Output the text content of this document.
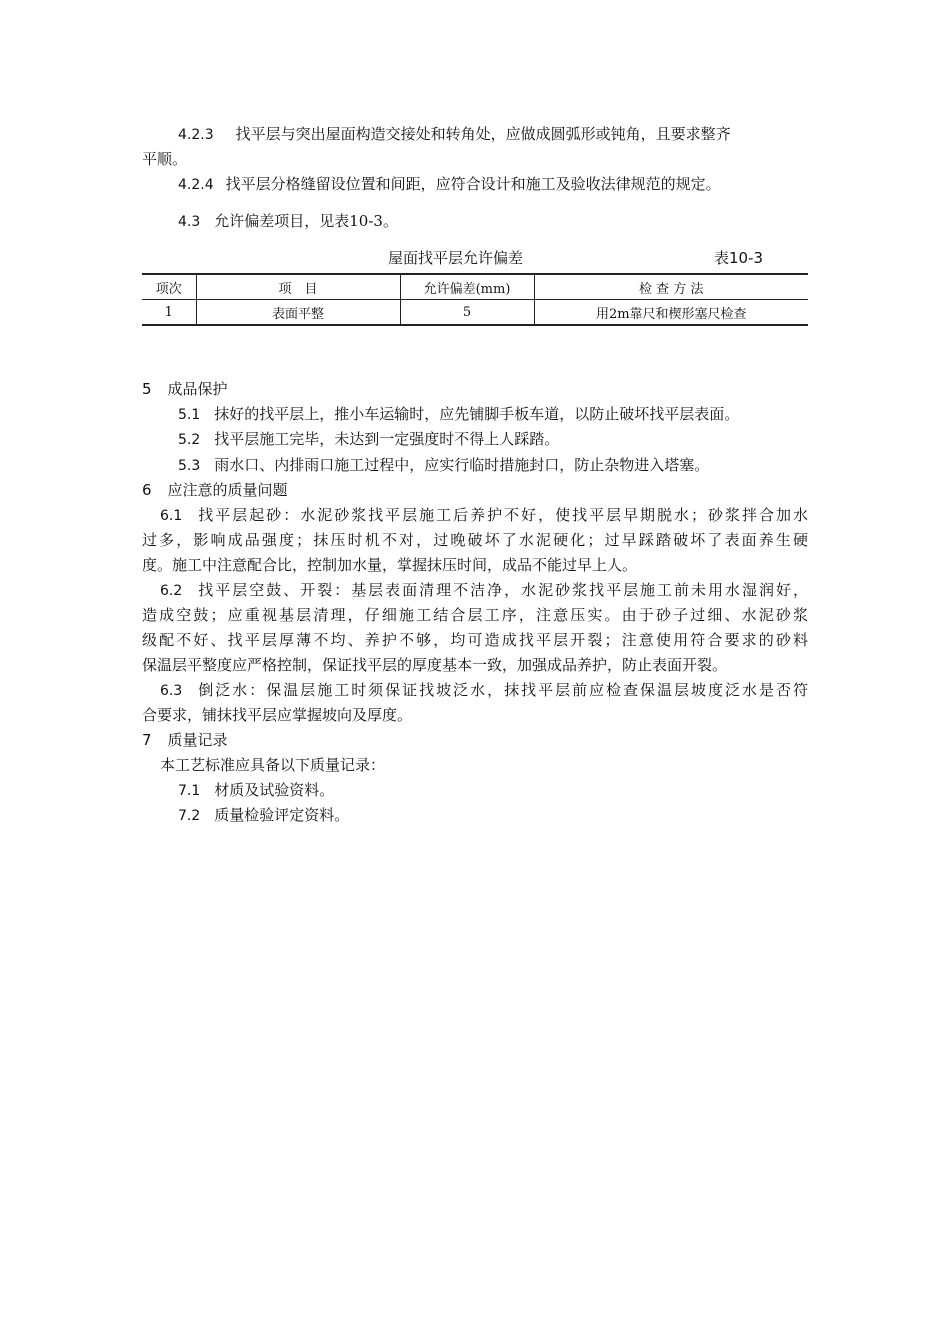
4.2.3 找平层与突出屋面构造交接处和转角处，应做成圆弧形或钝角，且要求整齐
平顺。
4.2.4 找平层分格缝留设位置和间距，应符合设计和施工及验收法律规范的规定。
4.3 允许偏差项目，见表10-3。
屋面找平层允许偏差	表10-3
项次	项　目	允许偏差(mm)	检 查 方 法
1	表面平整	5	用2m靠尺和楔形塞尺检查
5 成品保护
5.1 抹好的找平层上，推小车运输时，应先铺脚手板车道，以防止破坏找平层表面。
5.2 找平层施工完毕，未达到一定强度时不得上人踩踏。
5.3 雨水口、内排雨口施工过程中，应实行临时措施封口，防止杂物进入塔塞。
6 应注意的质量问题
6.1 找平层起砂：水泥砂浆找平层施工后养护不好，使找平层早期脱水；砂浆拌合加水
过多，影响成品强度；抹压时机不对，过晚破坏了水泥硬化；过早踩踏破坏了表面养生硬
度。施工中注意配合比，控制加水量，掌握抹压时间，成品不能过早上人。
6.2 找平层空鼓、开裂：基层表面清理不洁净，水泥砂浆找平层施工前未用水湿润好，
造成空鼓；应重视基层清理，仔细施工结合层工序，注意压实。由于砂子过细、水泥砂浆
级配不好、找平层厚薄不均、养护不够，均可造成找平层开裂；注意使用符合要求的砂料
保温层平整度应严格控制，保证找平层的厚度基本一致，加强成品养护，防止表面开裂。
6.3 倒泛水：保温层施工时须保证找坡泛水，抹找平层前应检查保温层坡度泛水是否符
合要求，铺抹找平层应掌握坡向及厚度。
7 质量记录
本工艺标准应具备以下质量记录：
7.1 材质及试验资料。
7.2 质量检验评定资料。
